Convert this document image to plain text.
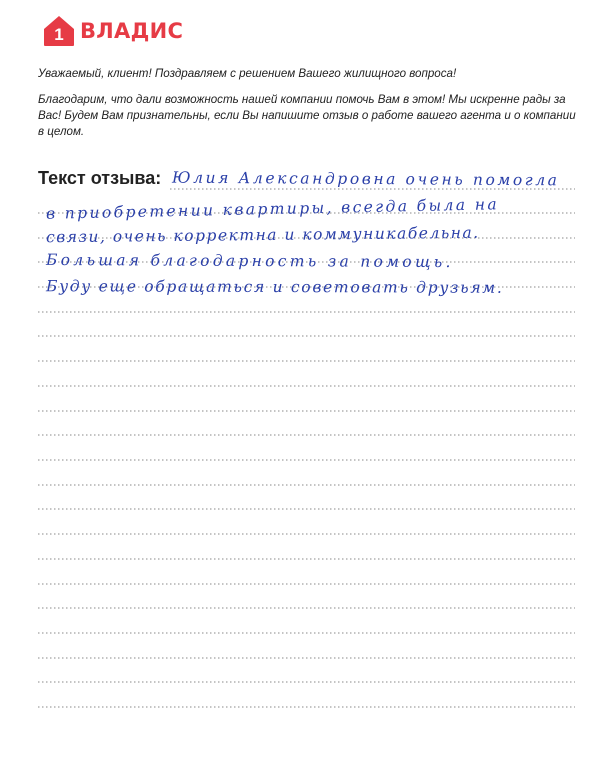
1 ВЛАДИС
Уважаемый, клиент! Поздравляем с решением Вашего жилищного вопроса!
Благодарим, что дали возможность нашей компании помочь Вам в этом! Мы искренне рады за Вас! Будем Вам признательны, если Вы напишите отзыв о работе вашего агента и о компании в целом.
Текст отзыва: Юлия Александровна очень помогла
в приобретении квартиры, всегда была на
связи, очень корректна и коммуникабельна.
Большая благодарность за помощь.
Буду еще обращаться и советовать друзьям.
